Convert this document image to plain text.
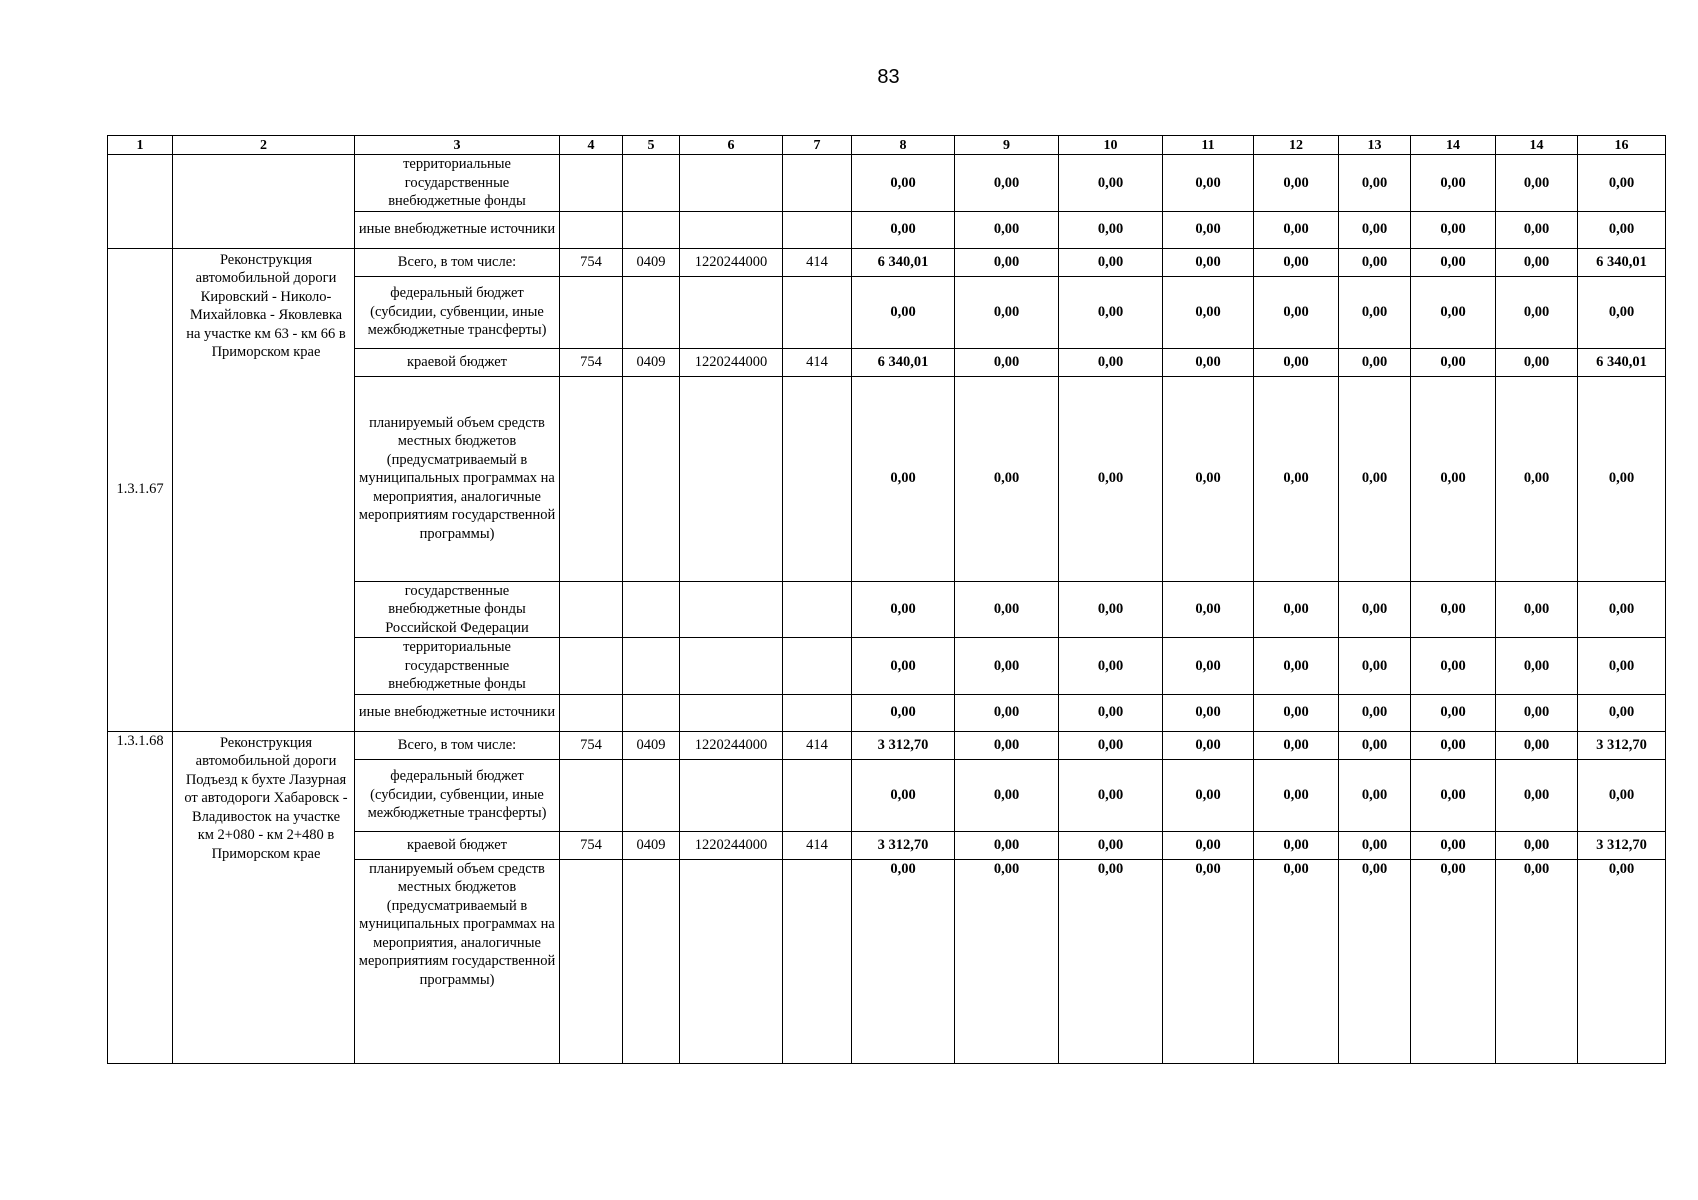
83
1	2	3	4	5	6	7	8	9	10	11	12	13	14	14	16
		территориальные государственные внебюджетные фонды					0,00	0,00	0,00	0,00	0,00	0,00	0,00	0,00	0,00
		иные внебюджетные источники					0,00	0,00	0,00	0,00	0,00	0,00	0,00	0,00	0,00
1.3.1.67	Реконструкция автомобильной дороги Кировский - Николо-Михайловка - Яковлевка на участке км 63 - км 66 в Приморском крае	Всего, в том числе:	754	0409	1220244000	414	6 340,01	0,00	0,00	0,00	0,00	0,00	0,00	0,00	6 340,01
		федеральный бюджет (субсидии, субвенции, иные межбюджетные трансферты)					0,00	0,00	0,00	0,00	0,00	0,00	0,00	0,00	0,00
		краевой бюджет	754	0409	1220244000	414	6 340,01	0,00	0,00	0,00	0,00	0,00	0,00	0,00	6 340,01
		планируемый объем средств местных бюджетов (предусматриваемый в муниципальных программах на мероприятия, аналогичные мероприятиям государственной программы)					0,00	0,00	0,00	0,00	0,00	0,00	0,00	0,00	0,00
		государственные внебюджетные фонды Российской Федерации					0,00	0,00	0,00	0,00	0,00	0,00	0,00	0,00	0,00
		территориальные государственные внебюджетные фонды					0,00	0,00	0,00	0,00	0,00	0,00	0,00	0,00	0,00
		иные внебюджетные источники					0,00	0,00	0,00	0,00	0,00	0,00	0,00	0,00	0,00
1.3.1.68	Реконструкция автомобильной дороги Подъезд к бухте Лазурная от автодороги Хабаровск - Владивосток на участке км 2+080 - км 2+480 в Приморском крае	Всего, в том числе:	754	0409	1220244000	414	3 312,70	0,00	0,00	0,00	0,00	0,00	0,00	0,00	3 312,70
		федеральный бюджет (субсидии, субвенции, иные межбюджетные трансферты)					0,00	0,00	0,00	0,00	0,00	0,00	0,00	0,00	0,00
		краевой бюджет	754	0409	1220244000	414	3 312,70	0,00	0,00	0,00	0,00	0,00	0,00	0,00	3 312,70
		планируемый объем средств местных бюджетов (предусматриваемый в муниципальных программах на мероприятия, аналогичные мероприятиям государственной программы)					0,00	0,00	0,00	0,00	0,00	0,00	0,00	0,00	0,00
